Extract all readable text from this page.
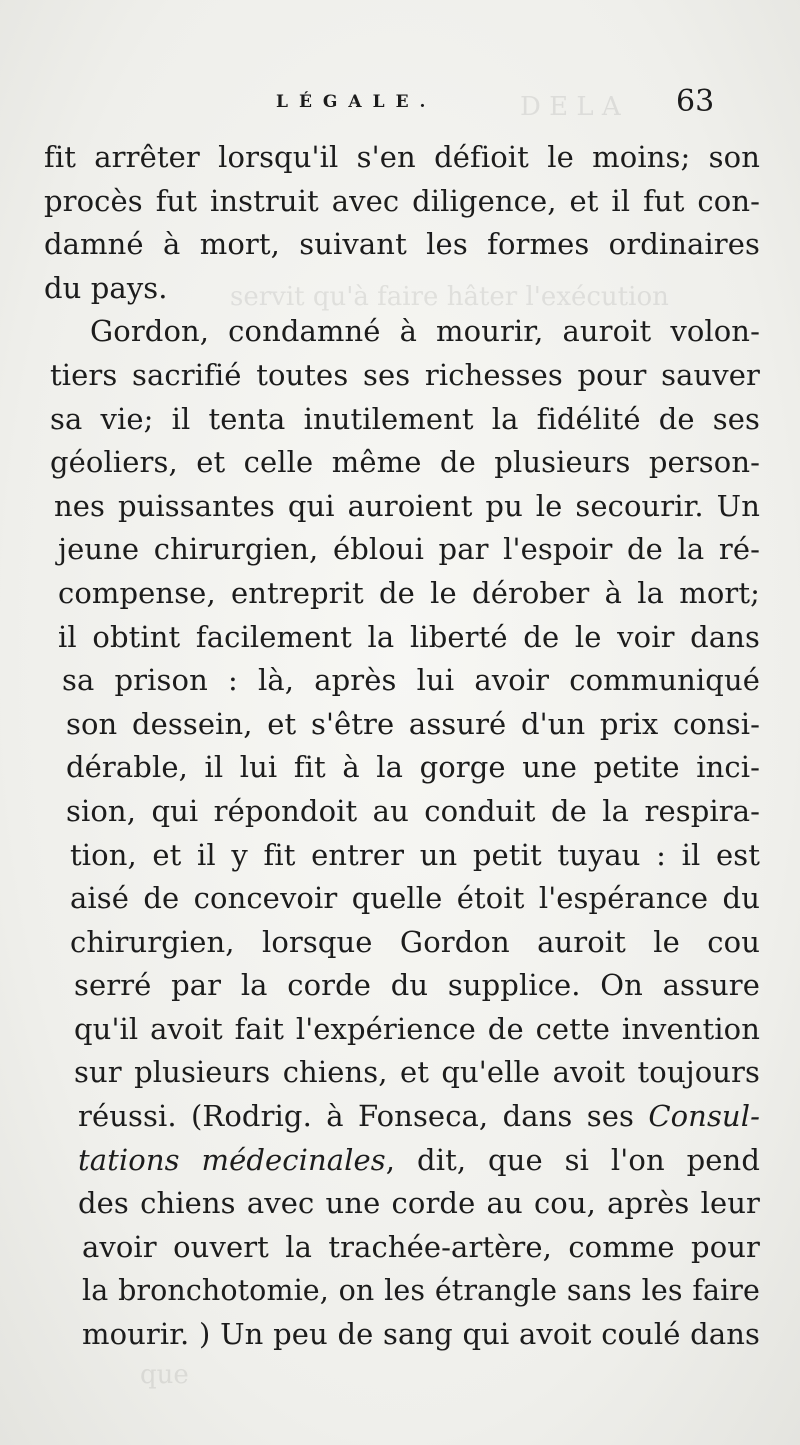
D E L A
servit qu'à faire hâter l'exécution
que
LÉGALE.	63
fit arrêter lorsqu'il s'en défioit le moins; son
procès fut instruit avec diligence, et il fut con-
damné à mort, suivant les formes ordinaires
du pays.
Gordon, condamné à mourir, auroit volon-
tiers sacrifié toutes ses richesses pour sauver
sa vie; il tenta inutilement la fidélité de ses
géoliers, et celle même de plusieurs person-
nes puissantes qui auroient pu le secourir. Un
jeune chirurgien, ébloui par l'espoir de la ré-
compense, entreprit de le dérober à la mort;
il obtint facilement la liberté de le voir dans
sa prison : là, après lui avoir communiqué
son dessein, et s'être assuré d'un prix consi-
dérable, il lui fit à la gorge une petite inci-
sion, qui répondoit au conduit de la respira-
tion, et il y fit entrer un petit tuyau : il est
aisé de concevoir quelle étoit l'espérance du
chirurgien, lorsque Gordon auroit le cou
serré par la corde du supplice. On assure
qu'il avoit fait l'expérience de cette invention
sur plusieurs chiens, et qu'elle avoit toujours
réussi. (Rodrig. à Fonseca, dans ses Consul-
tations médecinales, dit, que si l'on pend
des chiens avec une corde au cou, après leur
avoir ouvert la trachée-artère, comme pour
la bronchotomie, on les étrangle sans les faire
mourir. ) Un peu de sang qui avoit coulé dans
